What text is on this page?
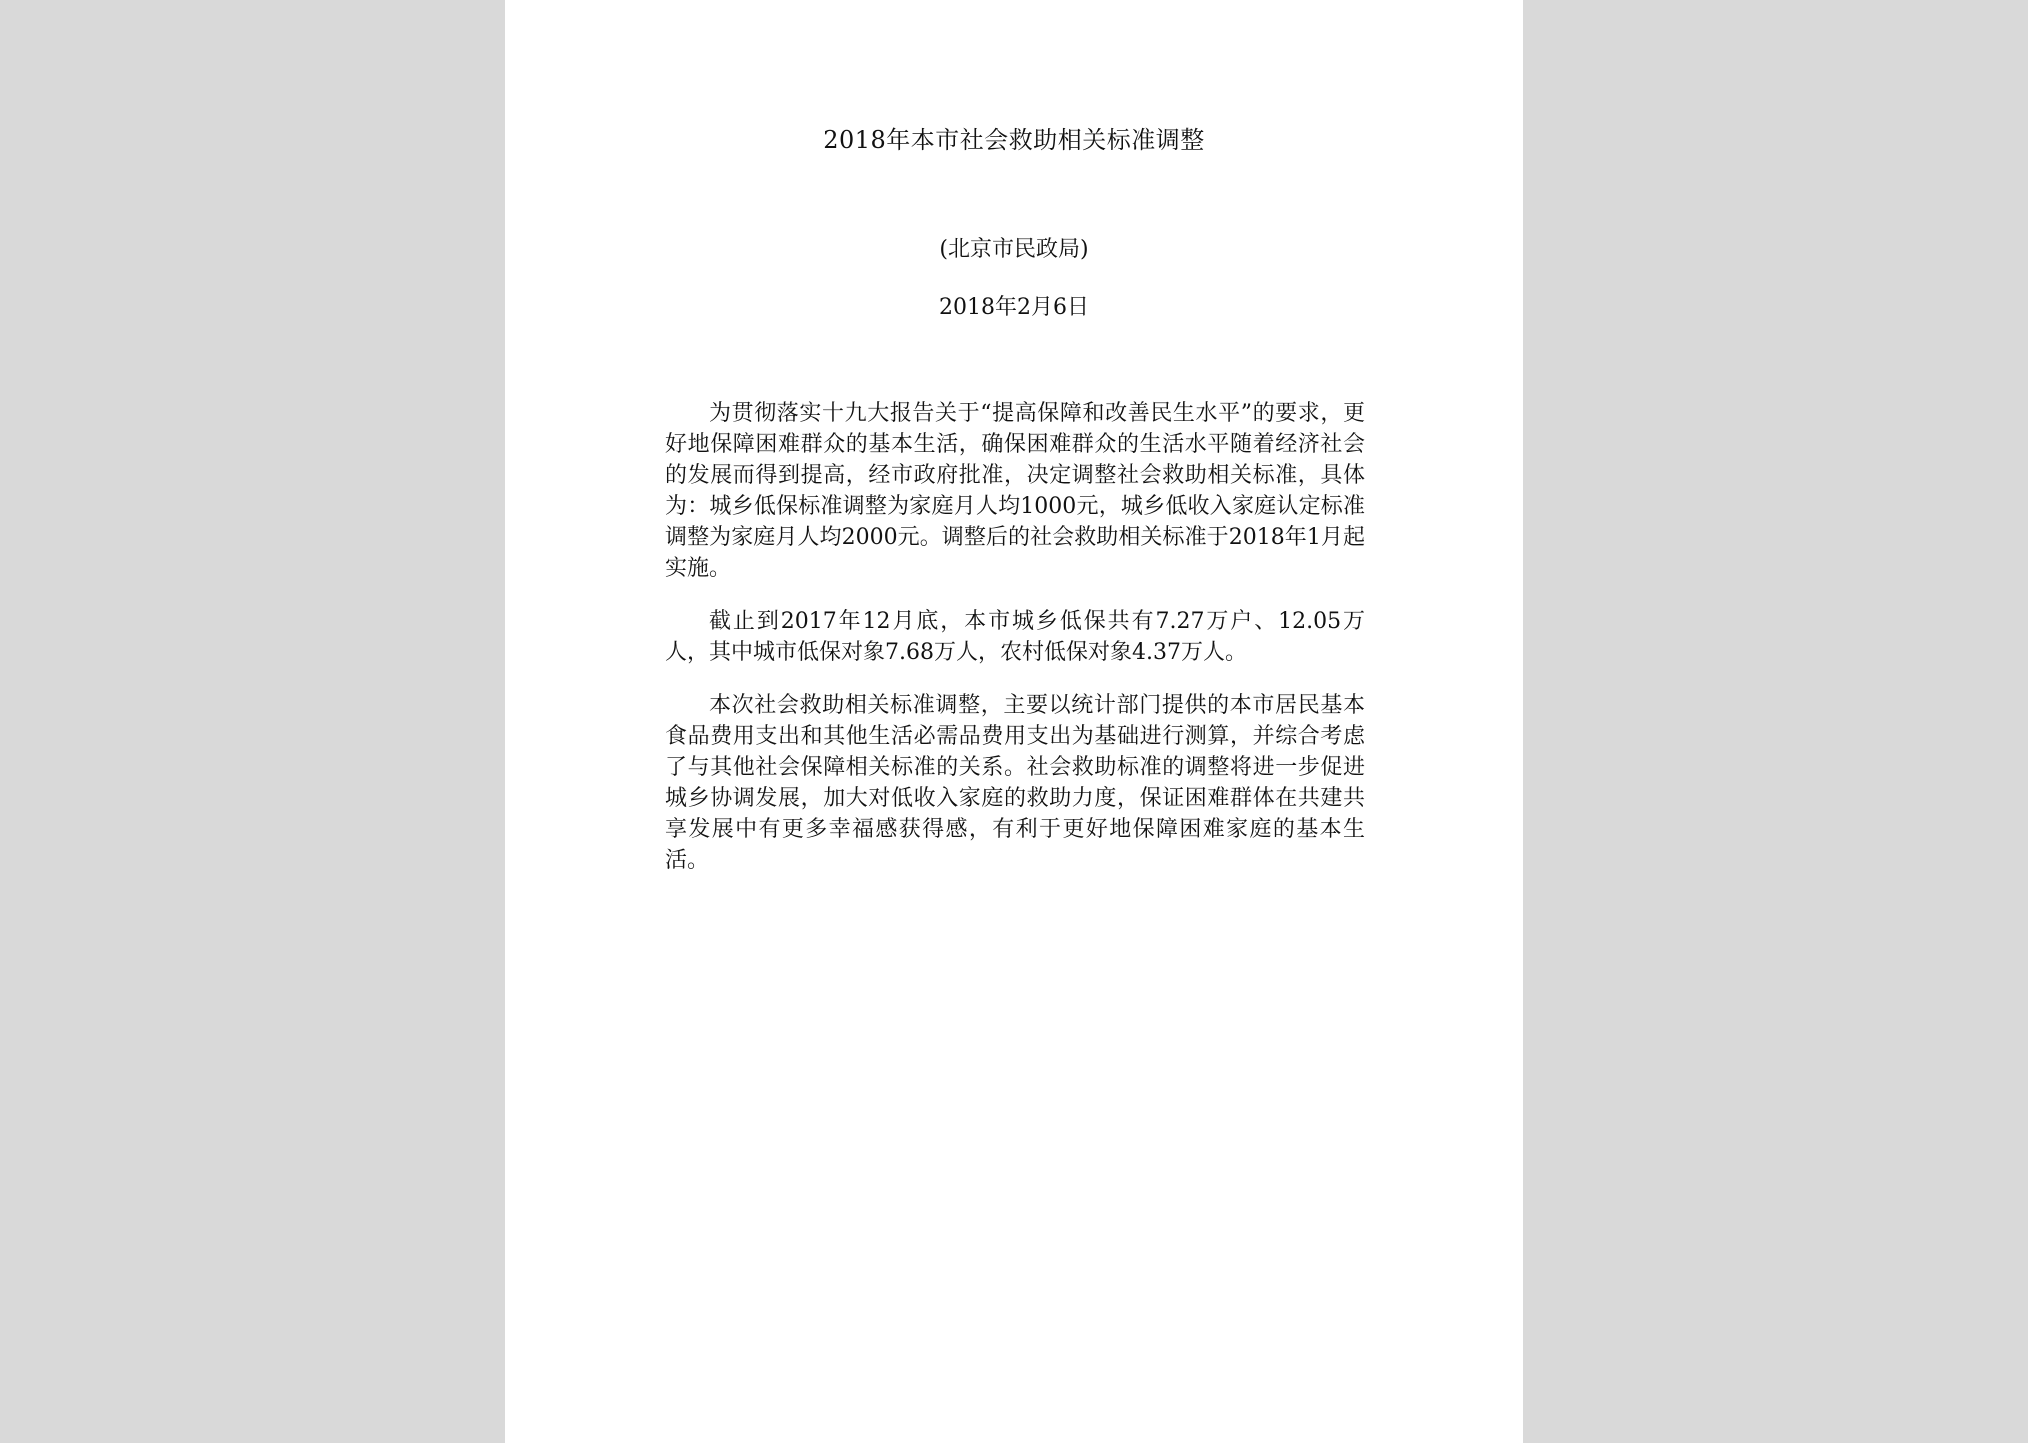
2018年本市社会救助相关标准调整
(北京市民政局)
2018年2月6日

为贯彻落实十九大报告关于“提高保障和改善民生水平”的要求，更好地保障困难群众的基本生活，确保困难群众的生活水平随着经济社会的发展而得到提高，经市政府批准，决定调整社会救助相关标准，具体为：城乡低保标准调整为家庭月人均1000元，城乡低收入家庭认定标准调整为家庭月人均2000元。调整后的社会救助相关标准于2018年1月起实施。

截止到2017年12月底，本市城乡低保共有7.27万户、12.05万人，其中城市低保对象7.68万人，农村低保对象4.37万人。

本次社会救助相关标准调整，主要以统计部门提供的本市居民基本食品费用支出和其他生活必需品费用支出为基础进行测算，并综合考虑了与其他社会保障相关标准的关系。社会救助标准的调整将进一步促进城乡协调发展，加大对低收入家庭的救助力度，保证困难群体在共建共享发展中有更多幸福感获得感，有利于更好地保障困难家庭的基本生活。
